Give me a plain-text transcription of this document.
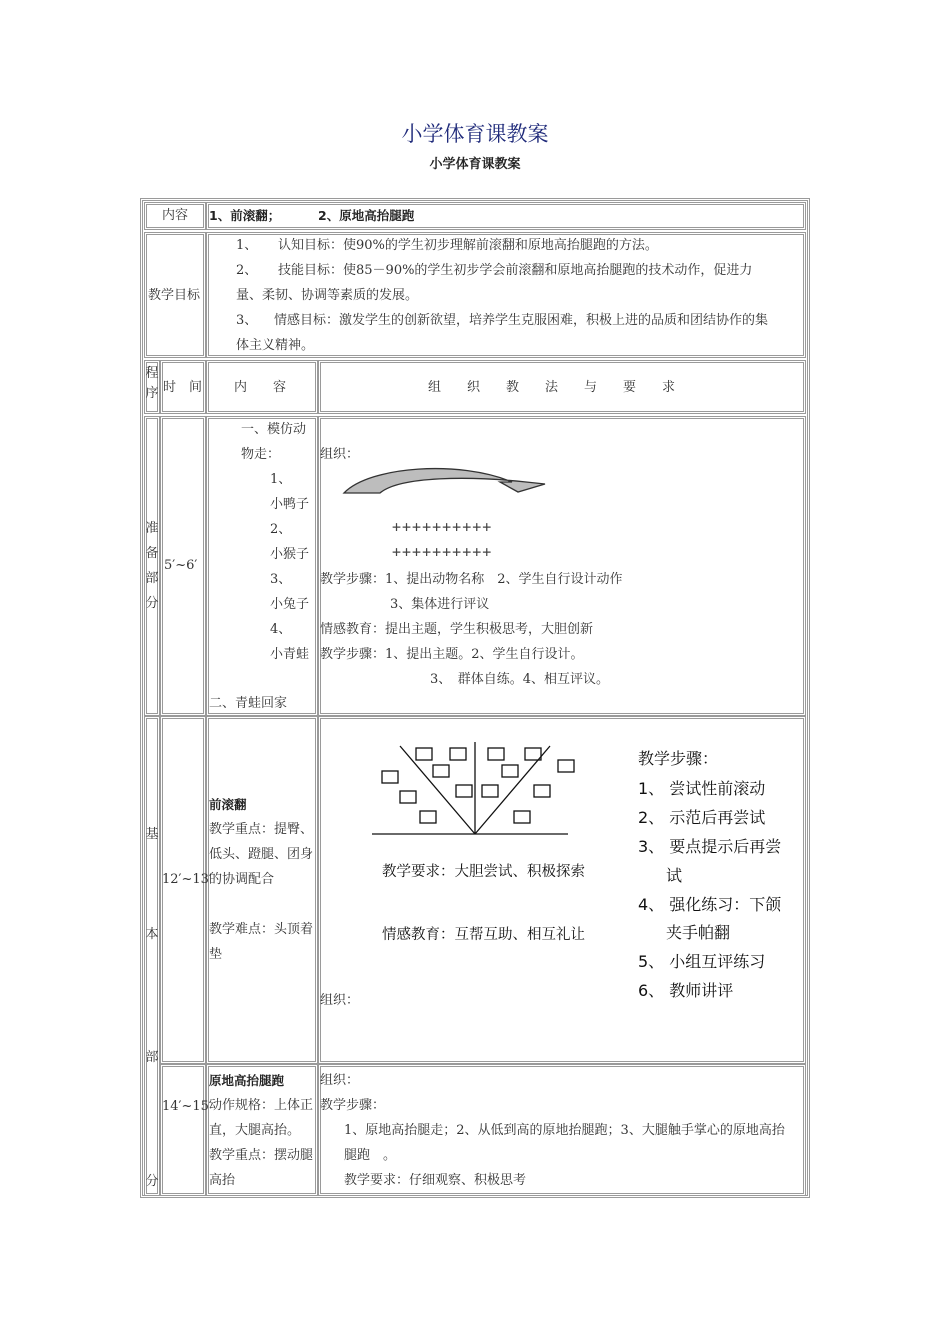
小学体育课教案
小学体育课教案
内容 1、前滚翻；	2、原地高抬腿跑
教学目标
1、 认知目标：使90%的学生初步理解前滚翻和原地高抬腿跑的方法。
2、 技能目标：使85－90%的学生初步学会前滚翻和原地高抬腿跑的技术动作，促进力
量、柔韧、协调等素质的发展。
3、 情感目标：激发学生的创新欲望，培养学生克服困难，积极上进的品质和团结协作的集
体主义精神。
程序 时　间 内　　容	组　　织　　教　　法　　与　　要　　求
准备部分
5′~6′
一、模仿动
物走：
1、
小鸭子
2、
小猴子
3、
小兔子
4、
小青蛙
二、青蛙回家
组织：
++++++++++
++++++++++
教学步骤：1、提出动物名称　2、学生自行设计动作
3、集体进行评议
情感教育：提出主题，学生积极思考，大胆创新
教学步骤：1、提出主题。2、学生自行设计。
3、　群体自练。4、相互评议。
基
本
部
分
12′~13′
前滚翻
教学重点：提臀、
低头、蹬腿、团身
的协调配合
教学难点：头顶着
垫
教学要求：大胆尝试、积极探索
情感教育：互帮互助、相互礼让
教学步骤：
1、 尝试性前滚动
2、 示范后再尝试
3、 要点提示后再尝
试
4、 强化练习：下颌
夹手帕翻
5、 小组互评练习
6、 教师讲评
组织：
14′~15′
原地高抬腿跑
动作规格：上体正
直，大腿高抬。
教学重点：摆动腿
高抬
组织：
教学步骤：
1、原地高抬腿走；2、从低到高的原地抬腿跑；3、大腿触手掌心的原地高抬
腿跑　。
教学要求：仔细观察、积极思考
